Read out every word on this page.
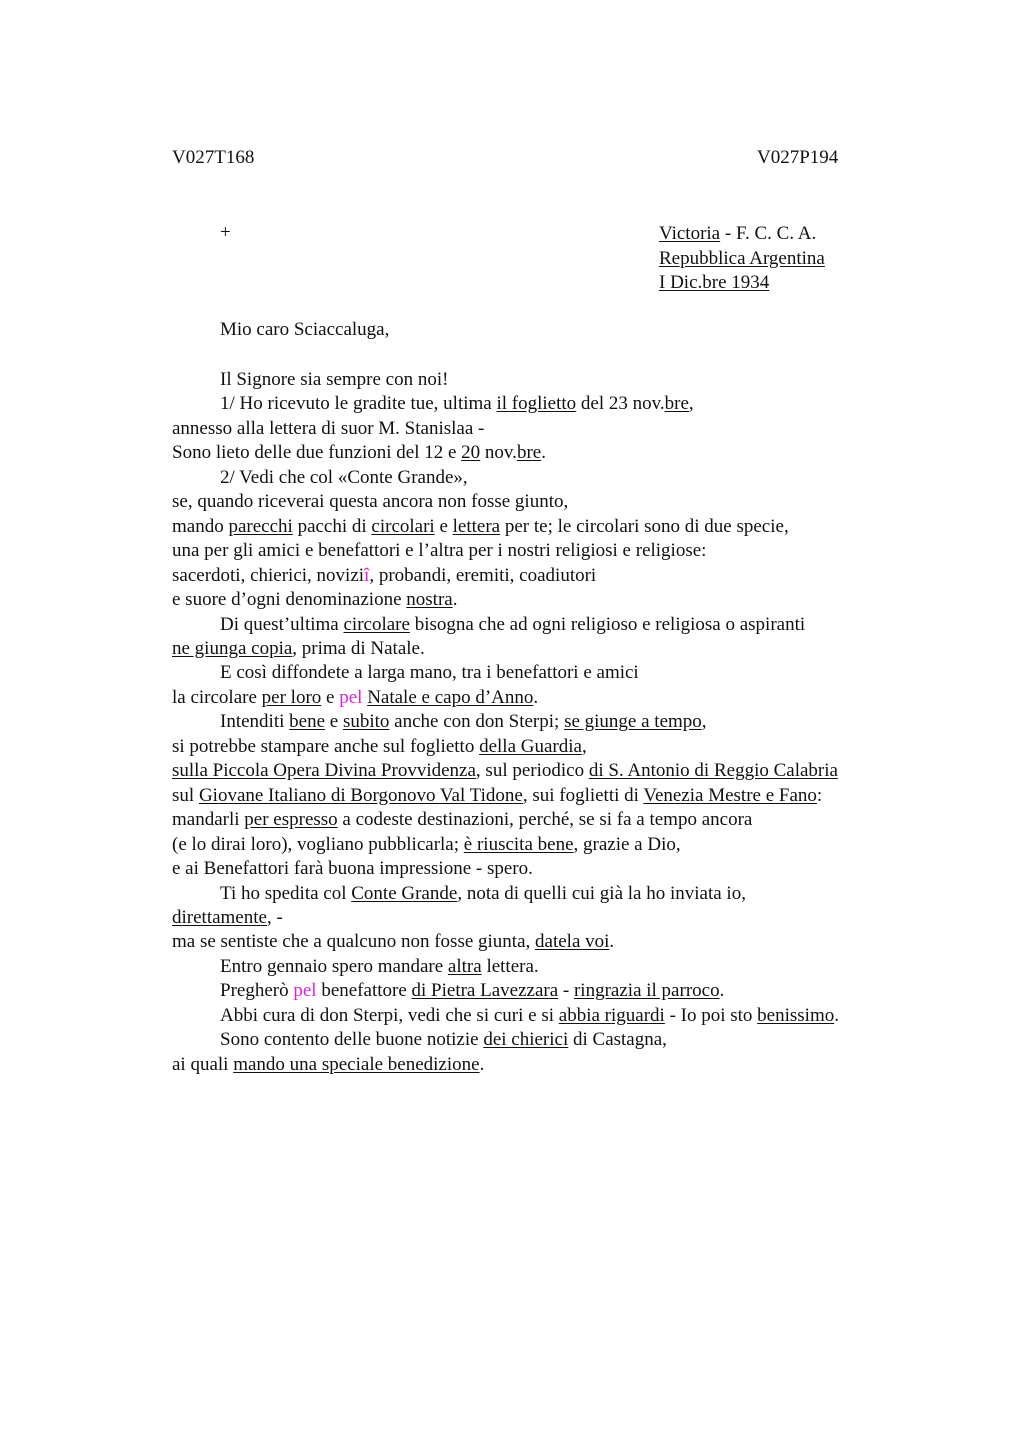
V027T168	V027P194
+	Victoria - F. C. C. A.
Repubblica Argentina
I Dic.bre 1934
Mio caro Sciaccaluga,
Il Signore sia sempre con noi!
1/ Ho ricevuto le gradite tue, ultima il foglietto del 23 nov.bre,
annesso alla lettera di suor M. Stanislaa -
Sono lieto delle due funzioni del 12 e 20 nov.bre.
2/ Vedi che col «Conte Grande»,
se, quando riceverai questa ancora non fosse giunto,
mando parecchi pacchi di circolari e lettera per te; le circolari sono di due specie,
una per gli amici e benefattori e l’altra per i nostri religiosi e religiose:
sacerdoti, chierici, noviziî, probandi, eremiti, coadiutori
e suore d’ogni denominazione nostra.
Di quest’ultima circolare bisogna che ad ogni religioso e religiosa o aspiranti
ne giunga copia, prima di Natale.
E così diffondete a larga mano, tra i benefattori e amici
la circolare per loro e pel Natale e capo d’Anno.
Intenditi bene e subito anche con don Sterpi; se giunge a tempo,
si potrebbe stampare anche sul foglietto della Guardia,
sulla Piccola Opera Divina Provvidenza, sul periodico di S. Antonio di Reggio Calabria
sul Giovane Italiano di Borgonovo Val Tidone, sui foglietti di Venezia Mestre e Fano:
mandarli per espresso a codeste destinazioni, perché, se si fa a tempo ancora
(e lo dirai loro), vogliano pubblicarla; è riuscita bene, grazie a Dio,
e ai Benefattori farà buona impressione - spero.
Ti ho spedita col Conte Grande, nota di quelli cui già la ho inviata io,
direttamente, -
ma se sentiste che a qualcuno non fosse giunta, datela voi.
Entro gennaio spero mandare altra lettera.
Pregherò pel benefattore di Pietra Lavezzara - ringrazia il parroco.
Abbi cura di don Sterpi, vedi che si curi e si abbia riguardi - Io poi sto benissimo.
Sono contento delle buone notizie dei chierici di Castagna,
ai quali mando una speciale benedizione.
